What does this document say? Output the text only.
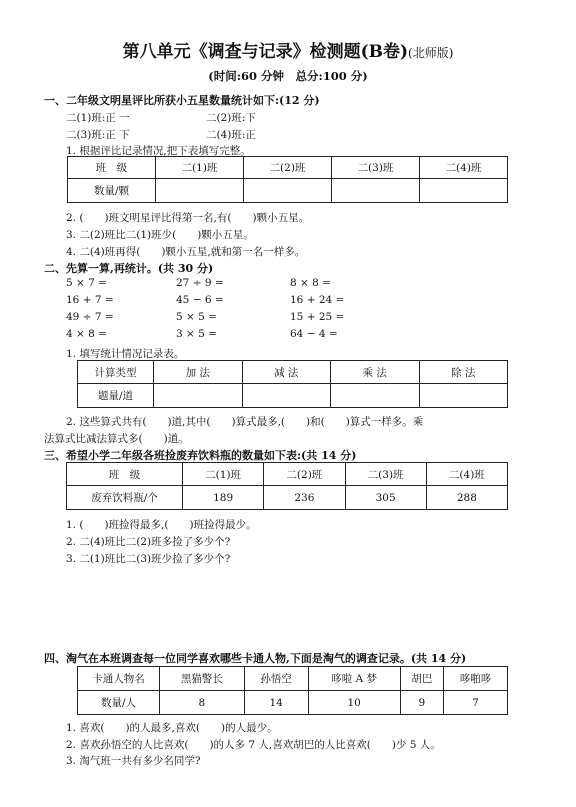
第八单元《调查与记录》检测题(B卷)(北师版)
(时间:60 分钟　总分:100 分)
一、二年级文明星评比所获小五星数量统计如下:(12 分)
二(1)班:正 一	二(2)班:下
二(3)班:正 下	二(4)班:正
1. 根据评比记录情况,把下表填写完整。
班　级	二(1)班	二(2)班	二(3)班	二(4)班
数量/颗				
2. (　　)班文明星评比得第一名,有(　　)颗小五星。
3. 二(2)班比二(1)班少(　　)颗小五星。
4. 二(4)班再得(　　)颗小五星,就和第一名一样多。
二、先算一算,再统计。(共 30 分)
5 × 7 =	27 ÷ 9 =	8 × 8 =
16 + 7 =	45 − 6 =	16 + 24 =
49 ÷ 7 =	5 × 5 =	15 + 25 =
4 × 8 =	3 × 5 =	64 − 4 =
1. 填写统计情况记录表。
计算类型	加 法	减 法	乘 法	除 法
题量/道				
2. 这些算式共有(　　)道,其中(　　)算式最多,(　　)和(　　)算式一样多。乘
法算式比减法算式多(　　)道。
三、希望小学二年级各班捡废弃饮料瓶的数量如下表:(共 14 分)
班　级	二(1)班	二(2)班	二(3)班	二(4)班
废弃饮料瓶/个	189	236	305	288
1. (　　)班捡得最多,(　　)班捡得最少。
2. 二(4)班比二(2)班多捡了多少个?
3. 二(1)班比二(3)班少捡了多少个?
四、淘气在本班调查每一位同学喜欢哪些卡通人物,下面是淘气的调查记录。(共 14 分)
卡通人物名	黑猫警长	孙悟空	哆啦 A 梦	胡巴	哆啪哆
数量/人	8	14	10	9	7
1. 喜欢(　　)的人最多,喜欢(　　)的人最少。
2. 喜欢孙悟空的人比喜欢(　　)的人多 7 人,喜欢胡巴的人比喜欢(　　)少 5 人。
3. 淘气班一共有多少名同学?
